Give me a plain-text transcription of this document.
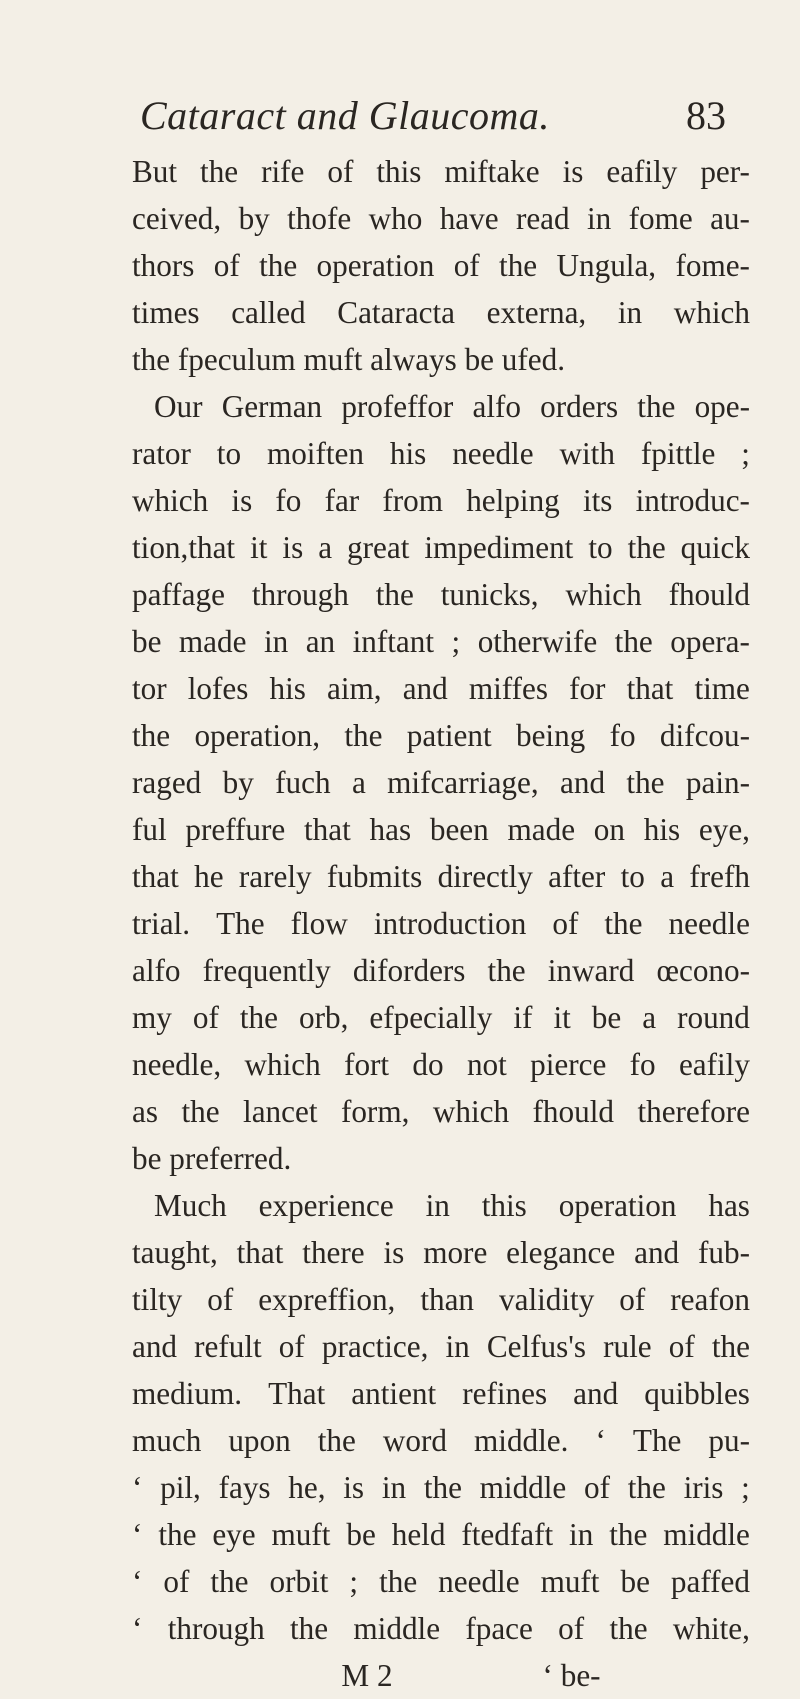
Cataract and Glaucoma.	83
But the rife of this miftake is eafily per-
ceived, by thofe who have read in fome au-
thors of the operation of the Ungula, fome-
times called Cataracta externa, in which
the fpeculum muft always be ufed.
Our German profeffor alfo orders the ope-
rator to moiften his needle with fpittle ;
which is fo far from helping its introduc-
tion,that it is a great impediment to the quick
paffage through the tunicks, which fhould
be made in an inftant ; otherwife the opera-
tor lofes his aim, and miffes for that time
the operation, the patient being fo difcou-
raged by fuch a mifcarriage, and the pain-
ful preffure that has been made on his eye,
that he rarely fubmits directly after to a frefh
trial. The flow introduction of the needle
alfo frequently diforders the inward œcono-
my of the orb, efpecially if it be a round
needle, which fort do not pierce fo eafily
as the lancet form, which fhould therefore
be preferred.
Much experience in this operation has
taught, that there is more elegance and fub-
tilty of expreffion, than validity of reafon
and refult of practice, in Celfus's rule of the
medium. That antient refines and quibbles
much upon the word middle. ‘ The pu-
‘ pil, fays he, is in the middle of the iris ;
‘ the eye muft be held ftedfaft in the middle
‘ of the orbit ; the needle muft be paffed
‘ through the middle fpace of the white,
M 2	‘ be-
